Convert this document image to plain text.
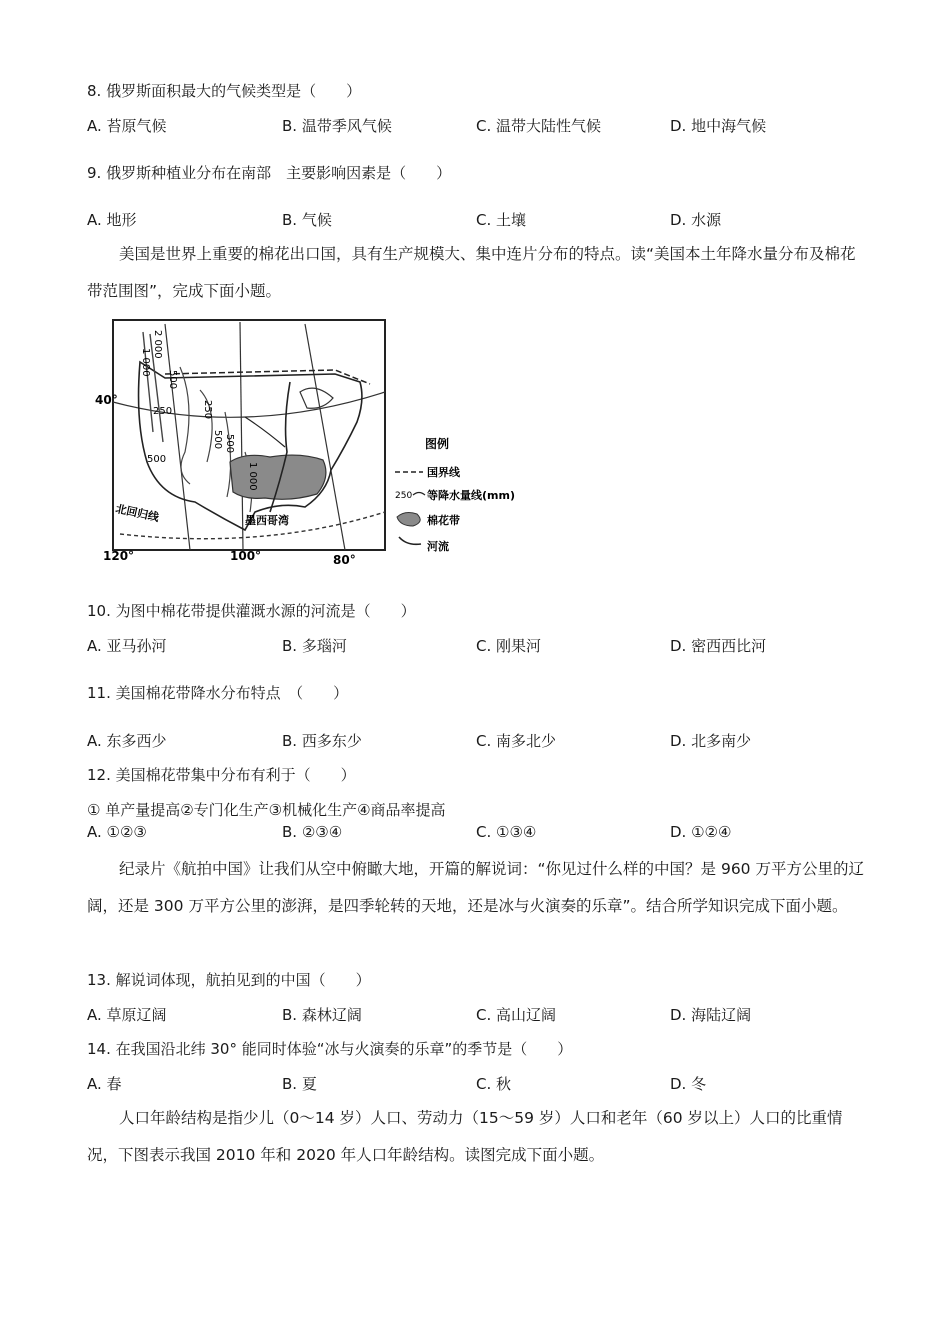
8. 俄罗斯面积最大的气候类型是（　　）
A. 苔原气候	B. 温带季风气候	C. 温带大陆性气候	D. 地中海气候
9. 俄罗斯种植业分布在南部　主要影响因素是（　　）
A. 地形	B. 气候	C. 土壤	D. 水源
美国是世界上重要的棉花出口国，具有生产规模大、集中连片分布的特点。读“美国本土年降水量分布及棉花带范围图”，完成下面小题。
40°
120°	100°	80°
2 000
1 000
500
250	250
500
500
500
1 000
墨西哥湾
北回归线
图例
国界线
250 等降水量线(mm)
棉花带
河流
10. 为图中棉花带提供灌溉水源的河流是（　　）
A. 亚马孙河	B. 多瑙河	C. 刚果河	D. 密西西比河
11. 美国棉花带降水分布特点　（　　）
A. 东多西少	B. 西多东少	C. 南多北少	D. 北多南少
12. 美国棉花带集中分布有利于（　　）
① 单产量提高②专门化生产③机械化生产④商品率提高
A. ①②③	B. ②③④	C. ①③④	D. ①②④
纪录片《航拍中国》让我们从空中俯瞰大地，开篇的解说词：“你见过什么样的中国？是 960 万平方公里的辽阔，还是 300 万平方公里的澎湃，是四季轮转的天地，还是冰与火演奏的乐章”。结合所学知识完成下面小题。
13. 解说词体现，航拍见到的中国（　　）
A. 草原辽阔	B. 森林辽阔	C. 高山辽阔	D. 海陆辽阔
14. 在我国沿北纬 30° 能同时体验“冰与火演奏的乐章”的季节是（　　）
A. 春	B. 夏	C. 秋	D. 冬
人口年龄结构是指少儿（0～14 岁）人口、劳动力（15～59 岁）人口和老年（60 岁以上）人口的比重情况，下图表示我国 2010 年和 2020 年人口年龄结构。读图完成下面小题。
